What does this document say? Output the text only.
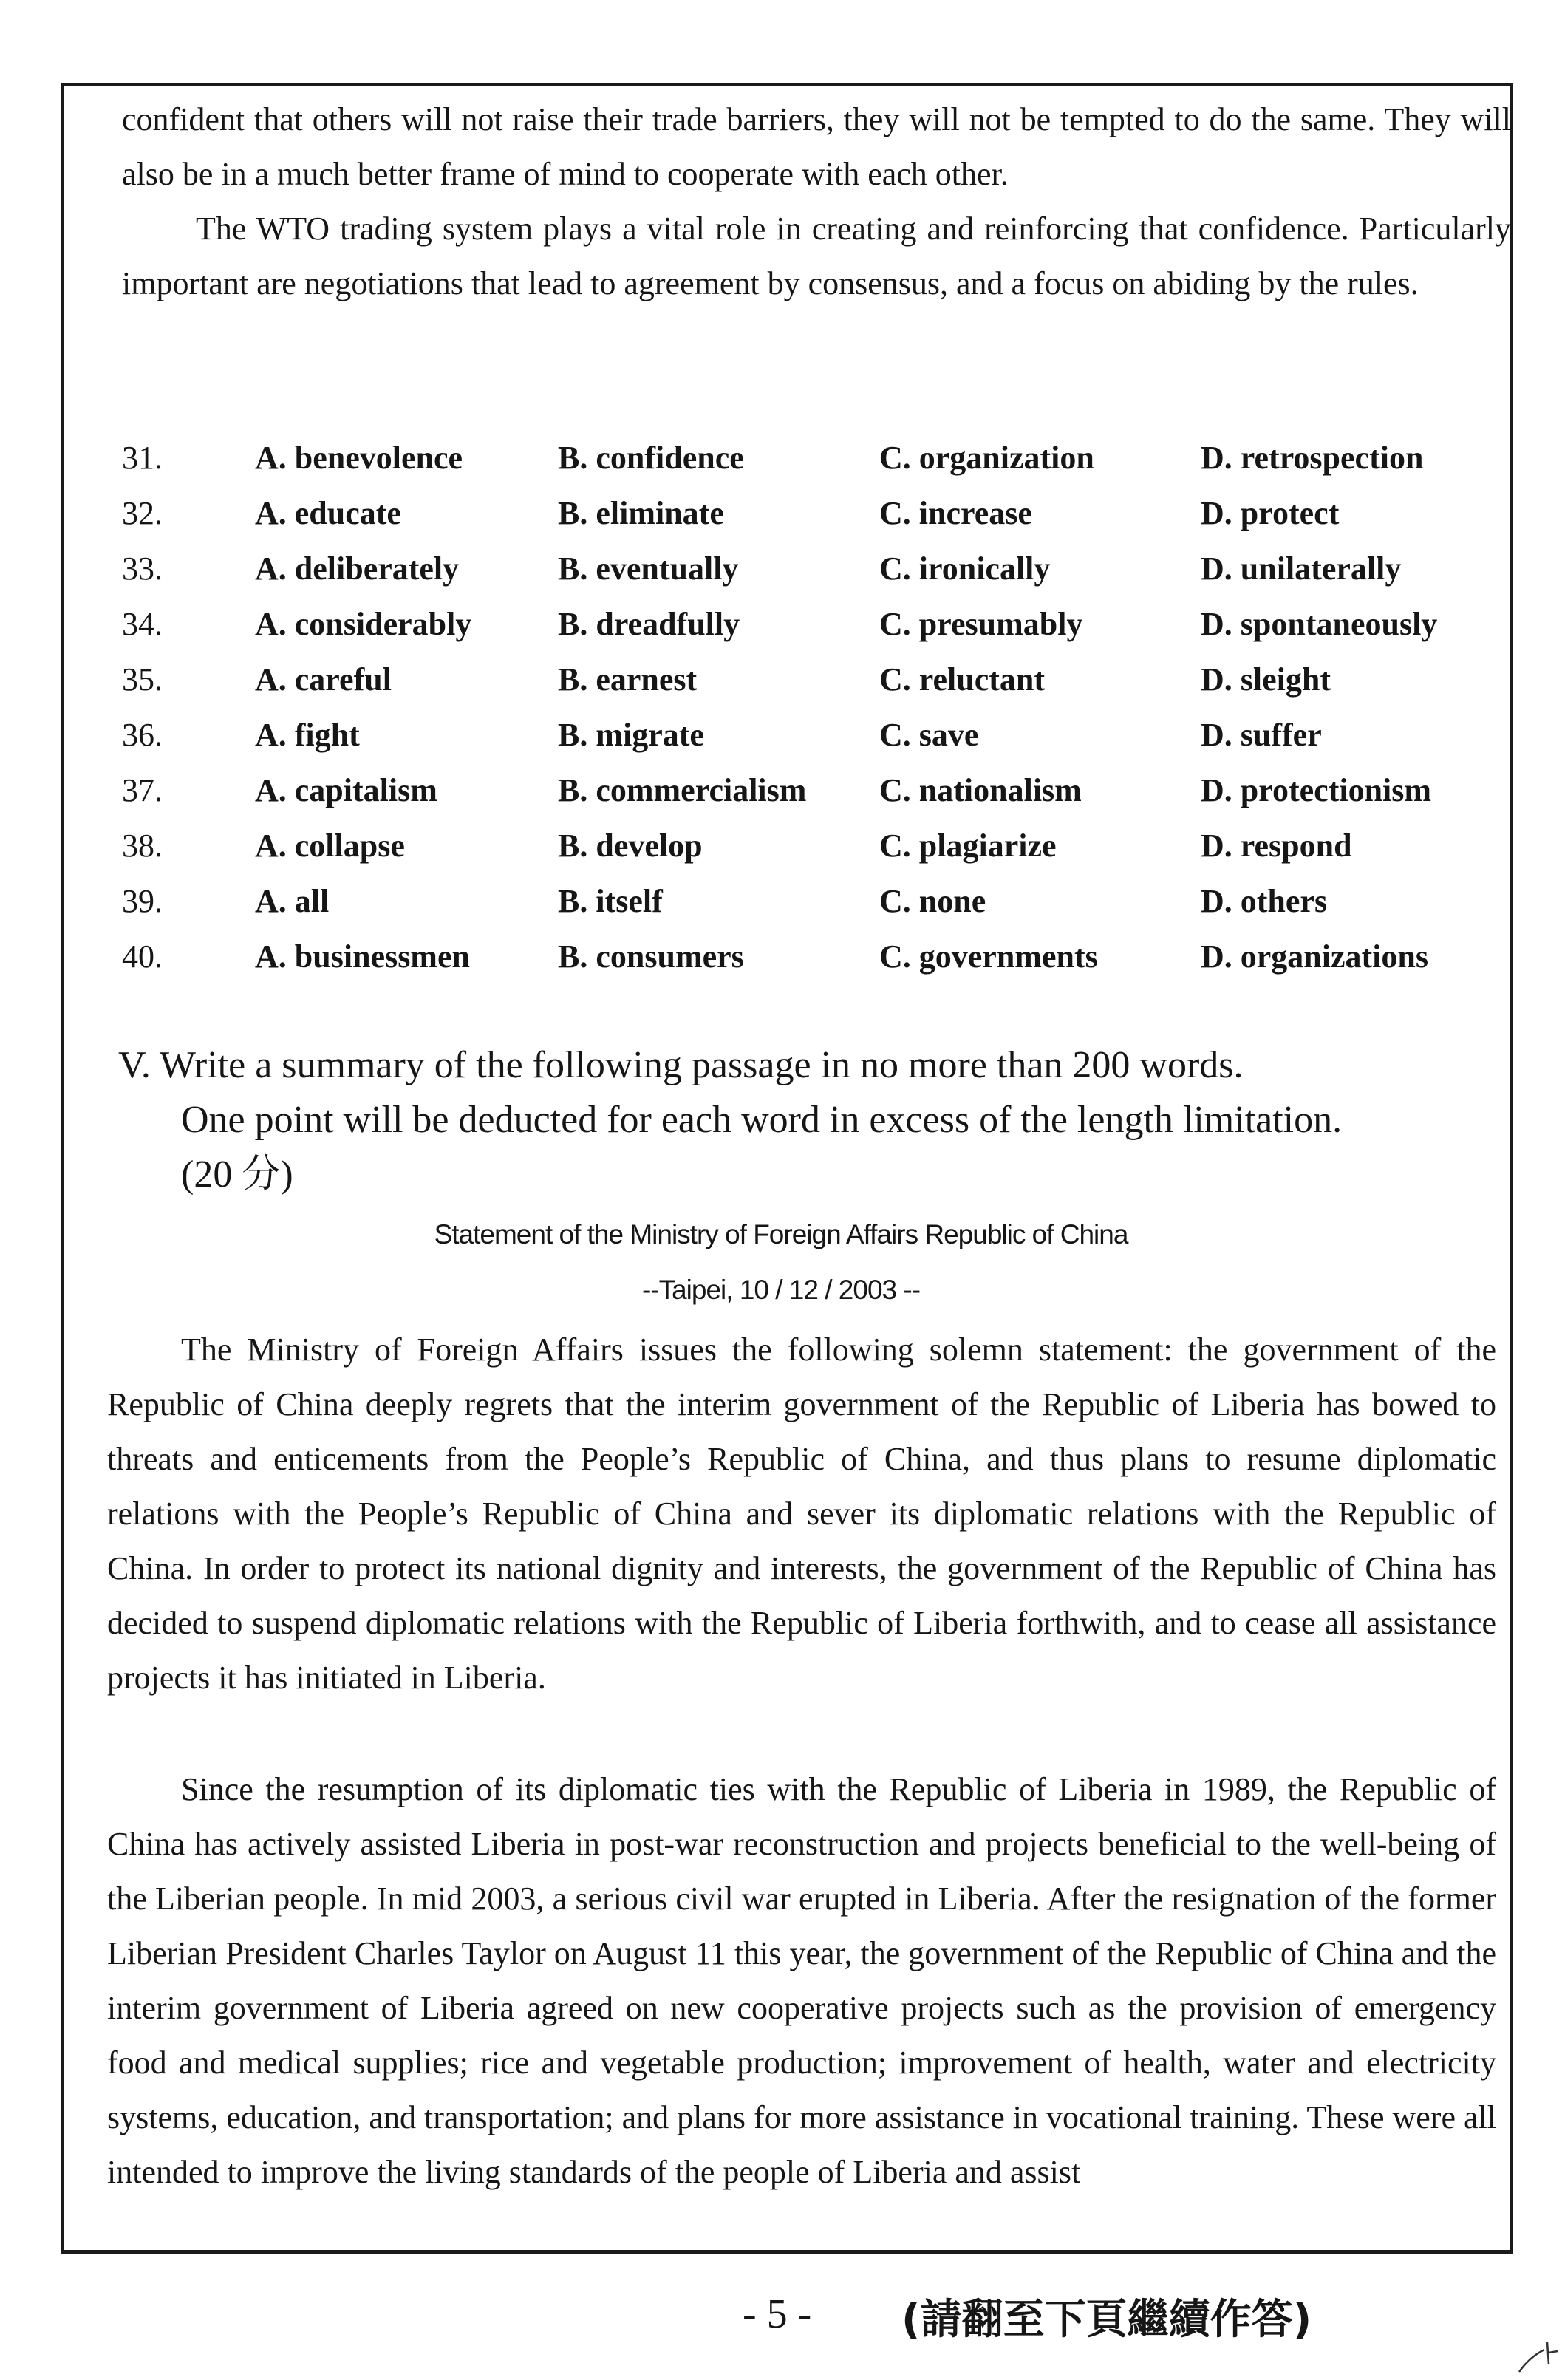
confident that others will not raise their trade barriers, they will not be tempted to do the same. They will also be in a much better frame of mind to cooperate with each other.
The WTO trading system plays a vital role in creating and reinforcing that confidence. Particularly important are negotiations that lead to agreement by consensus, and a focus on abiding by the rules.

31.	A. benevolence	B. confidence	C. organization	D. retrospection
32.	A. educate	B. eliminate	C. increase	D. protect
33.	A. deliberately	B. eventually	C. ironically	D. unilaterally
34.	A. considerably	B. dreadfully	C. presumably	D. spontaneously
35.	A. careful	B. earnest	C. reluctant	D. sleight
36.	A. fight	B. migrate	C. save	D. suffer
37.	A. capitalism	B. commercialism	C. nationalism	D. protectionism
38.	A. collapse	B. develop	C. plagiarize	D. respond
39.	A. all	B. itself	C. none	D. others
40.	A. businessmen	B. consumers	C. governments	D. organizations
V. Write a summary of the following passage in no more than 200 words.
One point will be deducted for each word in excess of the length limitation.
(20 分)

Statement of the Ministry of Foreign Affairs Republic of China

--Taipei, 10 / 12 / 2003 --

The Ministry of Foreign Affairs issues the following solemn statement: the government of the Republic of China deeply regrets that the interim government of the Republic of Liberia has bowed to threats and enticements from the People’s Republic of China, and thus plans to resume diplomatic relations with the People’s Republic of China and sever its diplomatic relations with the Republic of China. In order to protect its national dignity and interests, the government of the Republic of China has decided to suspend diplomatic relations with the Republic of Liberia forthwith, and to cease all assistance projects it has initiated in Liberia.

Since the resumption of its diplomatic ties with the Republic of Liberia in 1989, the Republic of China has actively assisted Liberia in post-war reconstruction and projects beneficial to the well-being of the Liberian people. In mid 2003, a serious civil war erupted in Liberia. After the resignation of the former Liberian President Charles Taylor on August 11 this year, the government of the Republic of China and the interim government of Liberia agreed on new cooperative projects such as the provision of emergency food and medical supplies; rice and vegetable production; improvement of health, water and electricity systems, education, and transportation; and plans for more assistance in vocational training. These were all intended to improve the living standards of the people of Liberia and assist

- 5 - (請翻至下頁繼續作答)
